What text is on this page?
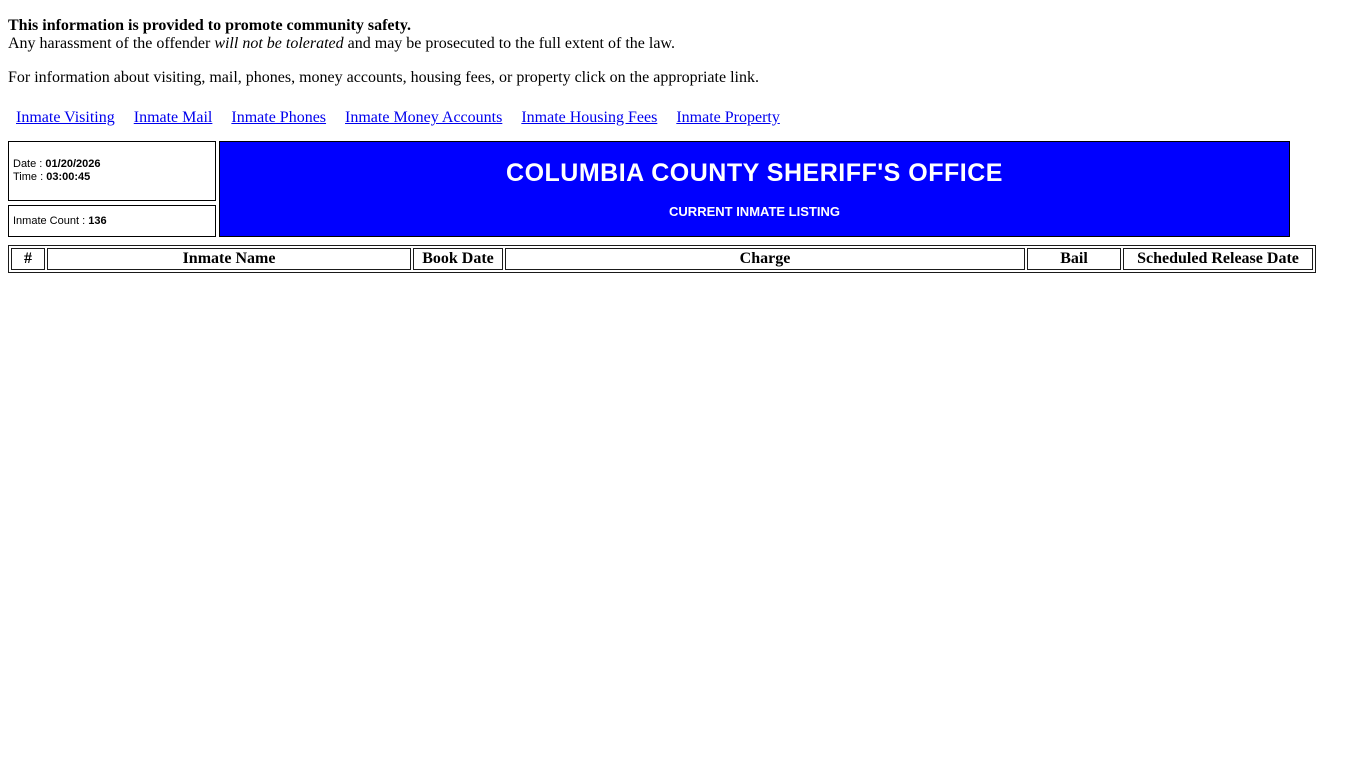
This information is provided to promote community safety.
Any harassment of the offender will not be tolerated and may be prosecuted to the full extent of the law.

For information about visiting, mail, phones, money accounts, housing fees, or property click on the appropriate link.

Inmate Visiting Inmate Mail Inmate Phones Inmate Money Accounts Inmate Housing Fees Inmate Property
Date : 01/20/2026
Time : 03:00:45
Inmate Count : 136
COLUMBIA COUNTY SHERIFF'S OFFICE
CURRENT INMATE LISTING
#	Inmate Name	Book Date	Charge	Bail	Scheduled Release Date
